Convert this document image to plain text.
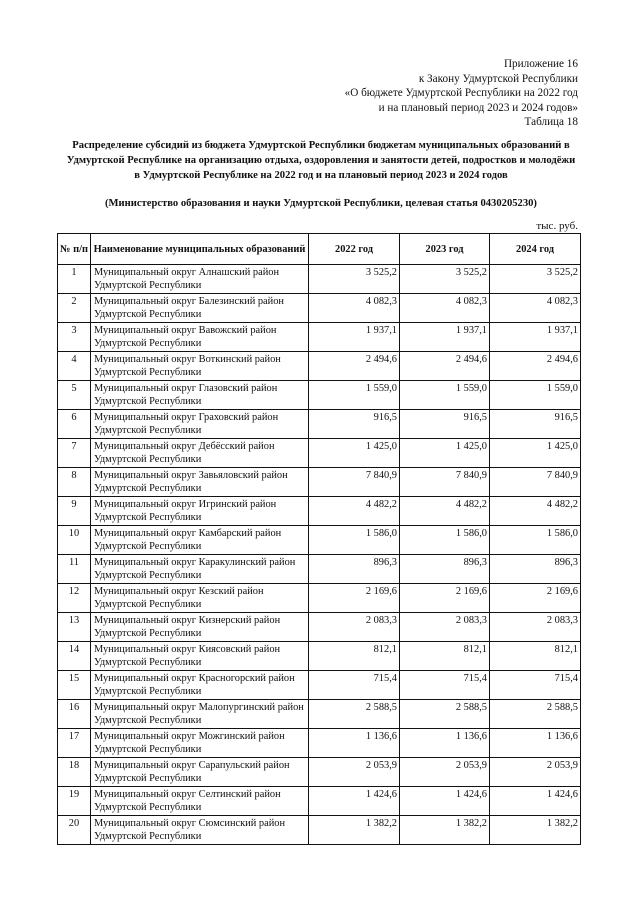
Приложение 16
к Закону Удмуртской Республики
«О бюджете Удмуртской Республики на 2022 год
и на плановый период 2023 и 2024 годов»
Таблица 18
Распределение субсидий из бюджета Удмуртской Республики бюджетам муниципальных образований в
Удмуртской Республике на организацию отдыха, оздоровления и занятости детей, подростков и молодёжи
в Удмуртской Республике на 2022 год и на плановый период 2023 и 2024 годов
(Министерство образования и науки Удмуртской Республики, целевая статья 0430205230)
тыс. руб.
№ п/п	Наименование муниципальных образований	2022 год	2023 год	2024 год
1	Муниципальный округ Алнашский район Удмуртской Республики	3 525,2	3 525,2	3 525,2
2	Муниципальный округ Балезинский район Удмуртской Республики	4 082,3	4 082,3	4 082,3
3	Муниципальный округ Вавожский район Удмуртской Республики	1 937,1	1 937,1	1 937,1
4	Муниципальный округ Воткинский район Удмуртской Республики	2 494,6	2 494,6	2 494,6
5	Муниципальный округ Глазовский район Удмуртской Республики	1 559,0	1 559,0	1 559,0
6	Муниципальный округ Граховский район Удмуртской Республики	916,5	916,5	916,5
7	Муниципальный округ Дебёсский район Удмуртской Республики	1 425,0	1 425,0	1 425,0
8	Муниципальный округ Завьяловский район Удмуртской Республики	7 840,9	7 840,9	7 840,9
9	Муниципальный округ Игринский район Удмуртской Республики	4 482,2	4 482,2	4 482,2
10	Муниципальный округ Камбарский район Удмуртской Республики	1 586,0	1 586,0	1 586,0
11	Муниципальный округ Каракулинский район Удмуртской Республики	896,3	896,3	896,3
12	Муниципальный округ Кезский район Удмуртской Республики	2 169,6	2 169,6	2 169,6
13	Муниципальный округ Кизнерский район Удмуртской Республики	2 083,3	2 083,3	2 083,3
14	Муниципальный округ Киясовский район Удмуртской Республики	812,1	812,1	812,1
15	Муниципальный округ Красногорский район Удмуртской Республики	715,4	715,4	715,4
16	Муниципальный округ Малопургинский район Удмуртской Республики	2 588,5	2 588,5	2 588,5
17	Муниципальный округ Можгинский район Удмуртской Республики	1 136,6	1 136,6	1 136,6
18	Муниципальный округ Сарапульский район Удмуртской Республики	2 053,9	2 053,9	2 053,9
19	Муниципальный округ Селтинский район Удмуртской Республики	1 424,6	1 424,6	1 424,6
20	Муниципальный округ Сюмсинский район Удмуртской Республики	1 382,2	1 382,2	1 382,2
